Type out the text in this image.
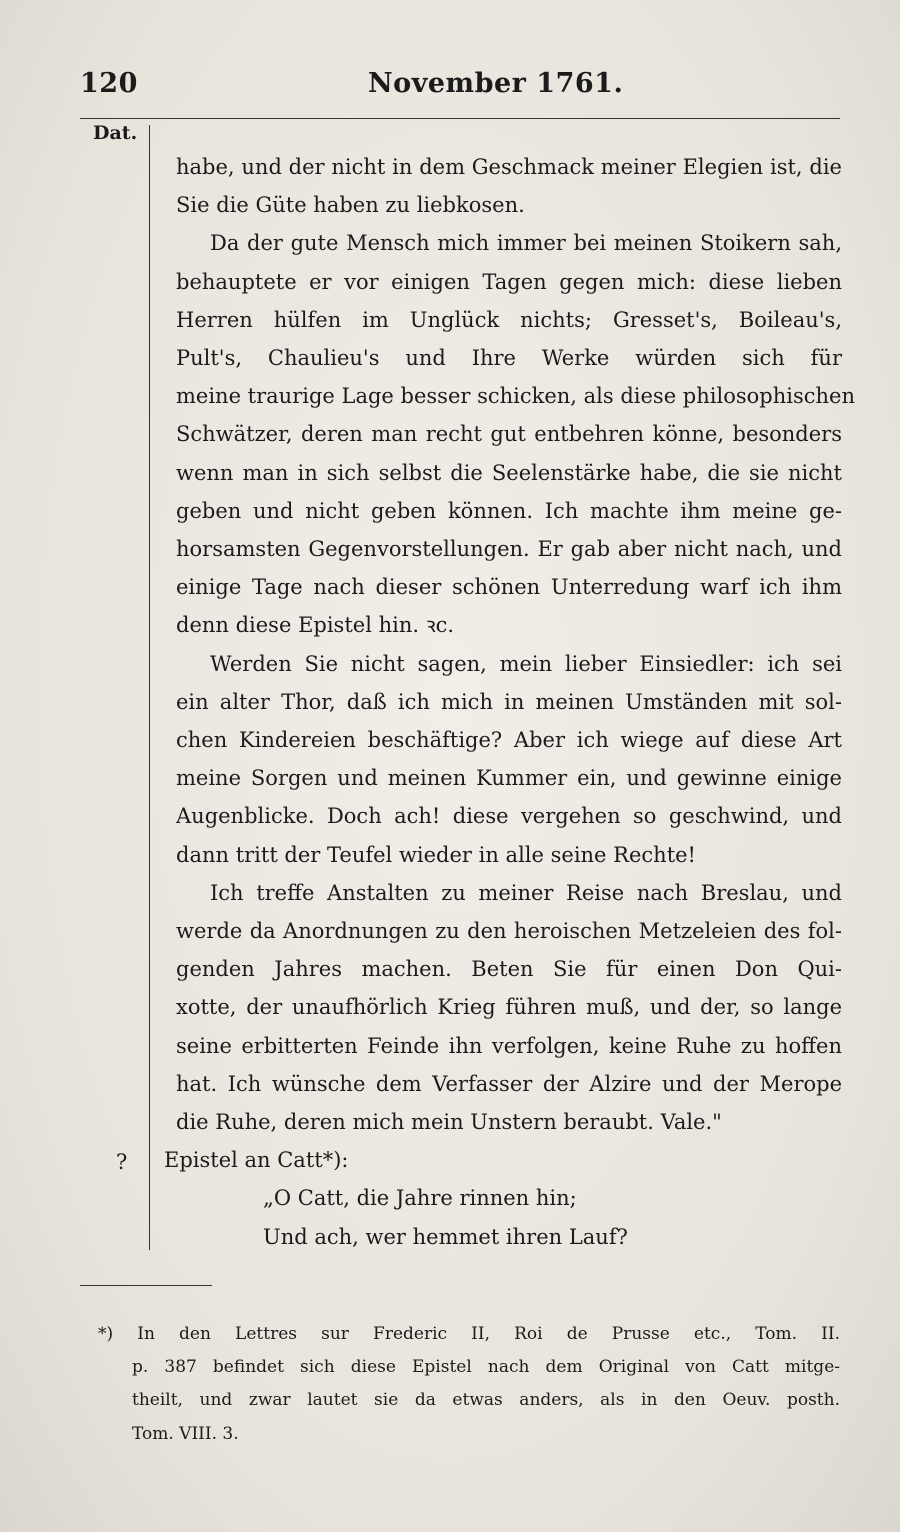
120	November 1761.
Dat.
?
habe, und der nicht in dem Geschmack meiner Elegien ist, die
Sie die Güte haben zu liebkosen.
Da der gute Mensch mich immer bei meinen Stoikern sah,
behauptete er vor einigen Tagen gegen mich: diese lieben
Herren hülfen im Unglück nichts; Gresset's, Boileau's,
Pult's, Chaulieu's und Ihre Werke würden sich für
meine traurige Lage besser schicken, als diese philosophischen
Schwätzer, deren man recht gut entbehren könne, besonders
wenn man in sich selbst die Seelenstärke habe, die sie nicht
geben und nicht geben können. Ich machte ihm meine ge-
horsamsten Gegenvorstellungen. Er gab aber nicht nach, und
einige Tage nach dieser schönen Unterredung warf ich ihm
denn diese Epistel hin. ꝛc.
Werden Sie nicht sagen, mein lieber Einsiedler: ich sei
ein alter Thor, daß ich mich in meinen Umständen mit sol-
chen Kindereien beschäftige? Aber ich wiege auf diese Art
meine Sorgen und meinen Kummer ein, und gewinne einige
Augenblicke. Doch ach! diese vergehen so geschwind, und
dann tritt der Teufel wieder in alle seine Rechte!
Ich treffe Anstalten zu meiner Reise nach Breslau, und
werde da Anordnungen zu den heroischen Metzeleien des fol-
genden Jahres machen. Beten Sie für einen Don Qui-
xotte, der unaufhörlich Krieg führen muß, und der, so lange
seine erbitterten Feinde ihn verfolgen, keine Ruhe zu hoffen
hat. Ich wünsche dem Verfasser der Alzire und der Merope
die Ruhe, deren mich mein Unstern beraubt. Vale."
Epistel an Catt*):
„O Catt, die Jahre rinnen hin;
Und ach, wer hemmet ihren Lauf?
*) In den Lettres sur Frederic II, Roi de Prusse etc., Tom. II.
p. 387 befindet sich diese Epistel nach dem Original von Catt mitge-
theilt, und zwar lautet sie da etwas anders, als in den Oeuv. posth.
Tom. VIII. 3.
